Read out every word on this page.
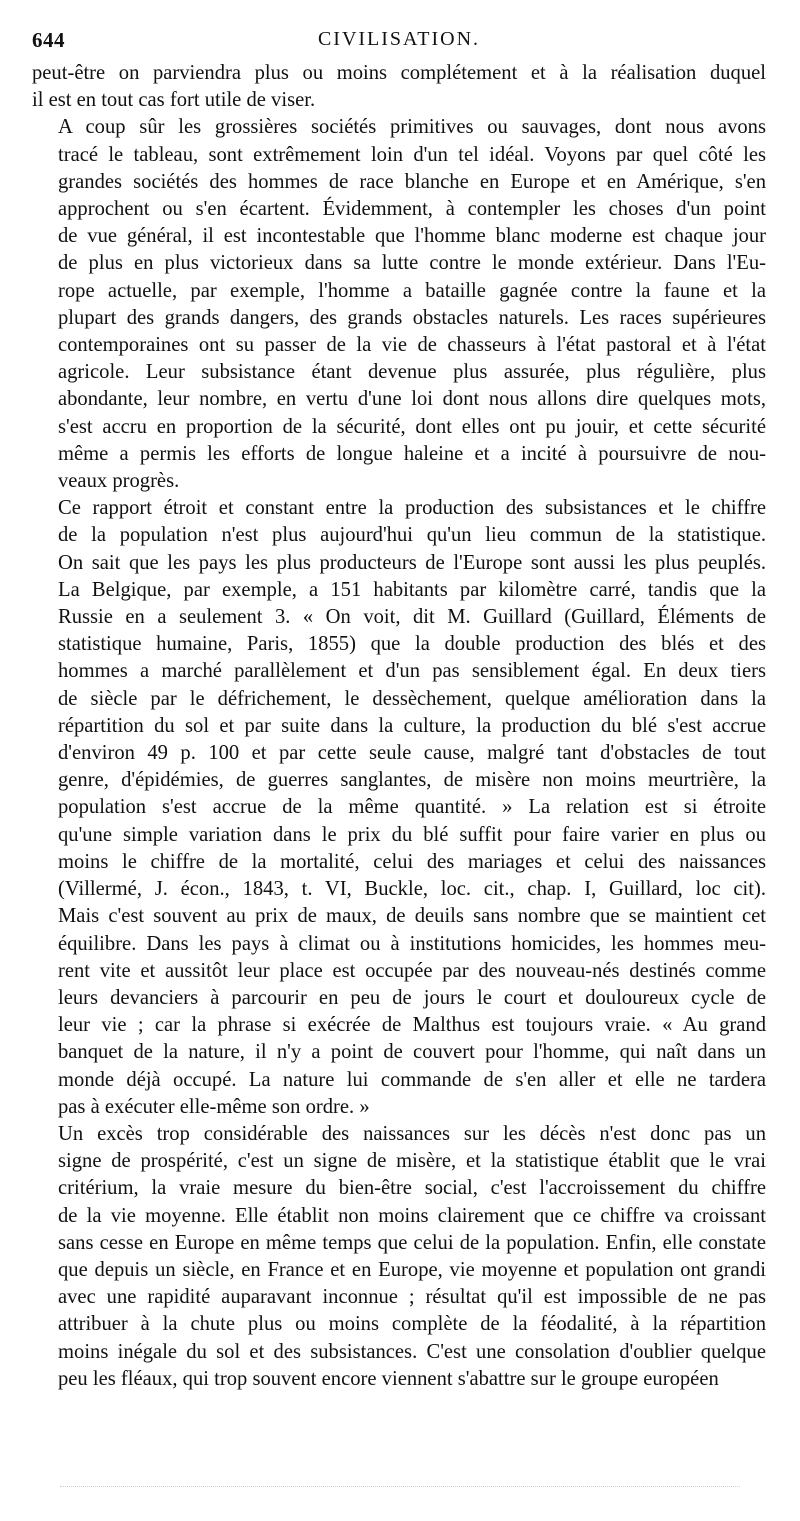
644	CIVILISATION.

peut-être on parviendra plus ou moins complétement et à la réalisation duquel
il est en tout cas fort utile de viser.

A coup sûr les grossières sociétés primitives ou sauvages, dont nous avons
tracé le tableau, sont extrêmement loin d'un tel idéal. Voyons par quel côté les
grandes sociétés des hommes de race blanche en Europe et en Amérique, s'en
approchent ou s'en écartent. Évidemment, à contempler les choses d'un point
de vue général, il est incontestable que l'homme blanc moderne est chaque jour
de plus en plus victorieux dans sa lutte contre le monde extérieur. Dans l'Eu-
rope actuelle, par exemple, l'homme a bataille gagnée contre la faune et la
plupart des grands dangers, des grands obstacles naturels. Les races supérieures
contemporaines ont su passer de la vie de chasseurs à l'état pastoral et à l'état
agricole. Leur subsistance étant devenue plus assurée, plus régulière, plus
abondante, leur nombre, en vertu d'une loi dont nous allons dire quelques mots,
s'est accru en proportion de la sécurité, dont elles ont pu jouir, et cette sécurité
même a permis les efforts de longue haleine et a incité à poursuivre de nou-
veaux progrès.

Ce rapport étroit et constant entre la production des subsistances et le chiffre
de la population n'est plus aujourd'hui qu'un lieu commun de la statistique.
On sait que les pays les plus producteurs de l'Europe sont aussi les plus peuplés.
La Belgique, par exemple, a 151 habitants par kilomètre carré, tandis que la
Russie en a seulement 3. « On voit, dit M. Guillard (Guillard, Éléments de
statistique humaine, Paris, 1855) que la double production des blés et des
hommes a marché parallèlement et d'un pas sensiblement égal. En deux tiers
de siècle par le défrichement, le dessèchement, quelque amélioration dans la
répartition du sol et par suite dans la culture, la production du blé s'est accrue
d'environ 49 p. 100 et par cette seule cause, malgré tant d'obstacles de tout
genre, d'épidémies, de guerres sanglantes, de misère non moins meurtrière, la
population s'est accrue de la même quantité. » La relation est si étroite
qu'une simple variation dans le prix du blé suffit pour faire varier en plus ou
moins le chiffre de la mortalité, celui des mariages et celui des naissances
(Villermé, J. écon., 1843, t. VI, Buckle, loc. cit., chap. I, Guillard, loc cit).
Mais c'est souvent au prix de maux, de deuils sans nombre que se maintient cet
équilibre. Dans les pays à climat ou à institutions homicides, les hommes meu-
rent vite et aussitôt leur place est occupée par des nouveau-nés destinés comme
leurs devanciers à parcourir en peu de jours le court et douloureux cycle de
leur vie ; car la phrase si exécrée de Malthus est toujours vraie. « Au grand
banquet de la nature, il n'y a point de couvert pour l'homme, qui naît dans un
monde déjà occupé. La nature lui commande de s'en aller et elle ne tardera
pas à exécuter elle-même son ordre. »

Un excès trop considérable des naissances sur les décès n'est donc pas un
signe de prospérité, c'est un signe de misère, et la statistique établit que le vrai
critérium, la vraie mesure du bien-être social, c'est l'accroissement du chiffre
de la vie moyenne. Elle établit non moins clairement que ce chiffre va croissant
sans cesse en Europe en même temps que celui de la population. Enfin, elle constate
que depuis un siècle, en France et en Europe, vie moyenne et population ont grandi
avec une rapidité auparavant inconnue ; résultat qu'il est impossible de ne pas
attribuer à la chute plus ou moins complète de la féodalité, à la répartition
moins inégale du sol et des subsistances. C'est une consolation d'oublier quelque
peu les fléaux, qui trop souvent encore viennent s'abattre sur le groupe européen
